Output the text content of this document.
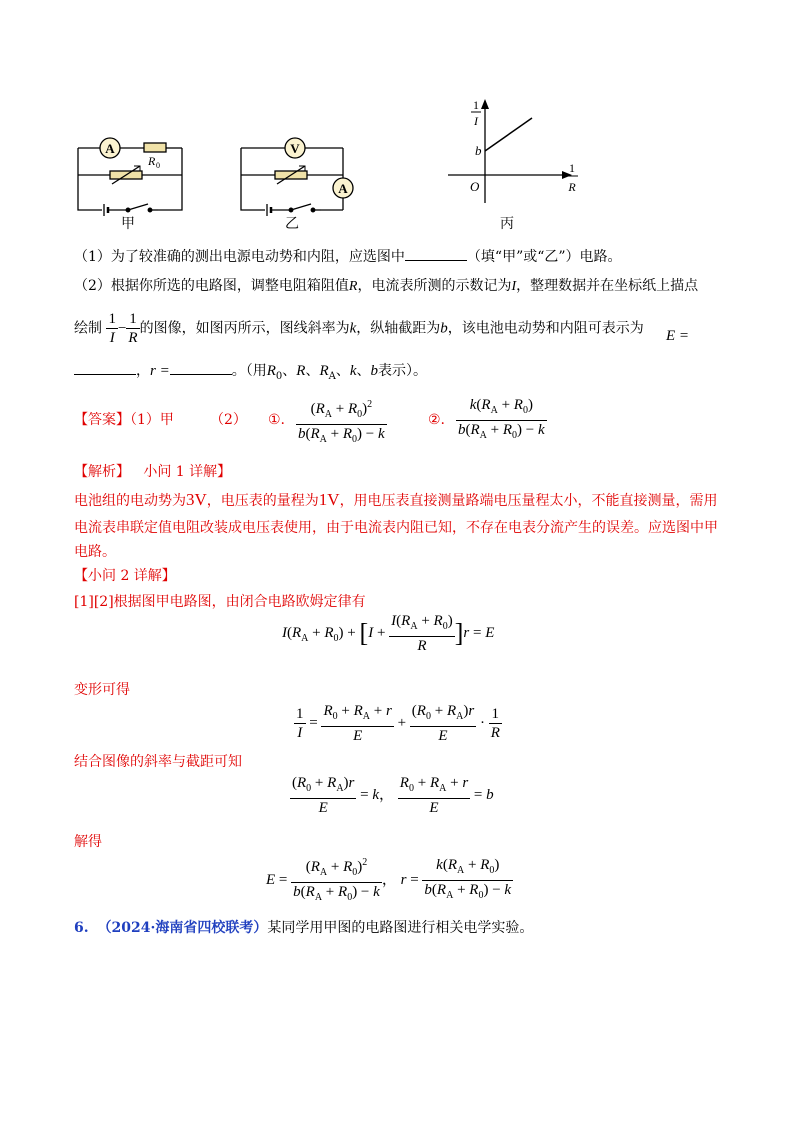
A
R 0
甲
V
A
乙
1
I
1
R
b
O
丙
（1）为了较准确的测出电源电动势和内阻，应选图中	（填“甲”或“乙”）电路。
（2）根据你所选的电路图，调整电阻箱阻值R，电流表所测的示数记为I，整理数据并在坐标纸上描点
绘制 $\frac{1}{I} - \frac{1}{R}$ 的图像，如图丙所示，图线斜率为k，纵轴截距为b，该电池电动势和内阻可表示为 E =
，r =	。（用$R_0$、R、$R_A$、k、b表示）。
【答案】（1）甲	（2） ①. $\frac{(R_A + R_0)^2}{b(R_A + R_0) - k}$	②. $\frac{k(R_A + R_0)}{b(R_A + R_0) - k}$
【解析】 小问 1 详解】
电池组的电动势为3V，电压表的量程为1V，用电压表直接测量路端电压量程太小，不能直接测量，需用
电流表串联定值电阻改装成电压表使用，由于电流表内阻已知，不存在电表分流产生的误差。应选图中甲
电路。
【小问 2 详解】
[1][2]根据图甲电路图，由闭合电路欧姆定律有
$I(R_A + R_0) + [I + \frac{I(R_A + R_0)}{R} ]r = E$
变形可得
$\frac{1}{I} = \frac{R_0 + R_A + r}{E} + \frac{(R_0 + R_A)r}{E} \cdot \frac{1}{R}$
结合图像的斜率与截距可知
$\frac{(R_0 + R_A)r}{E} = k$， $\frac{R_0 + R_A + r}{E} = b$
解得
$E = \frac{(R_A + R_0)^2}{b(R_A + R_0) - k}$ ， $r = \frac{k(R_A + R_0)}{b(R_A + R_0) - k}$
6. （2024·海南省四校联考）某同学用甲图的电路图进行相关电学实验。
